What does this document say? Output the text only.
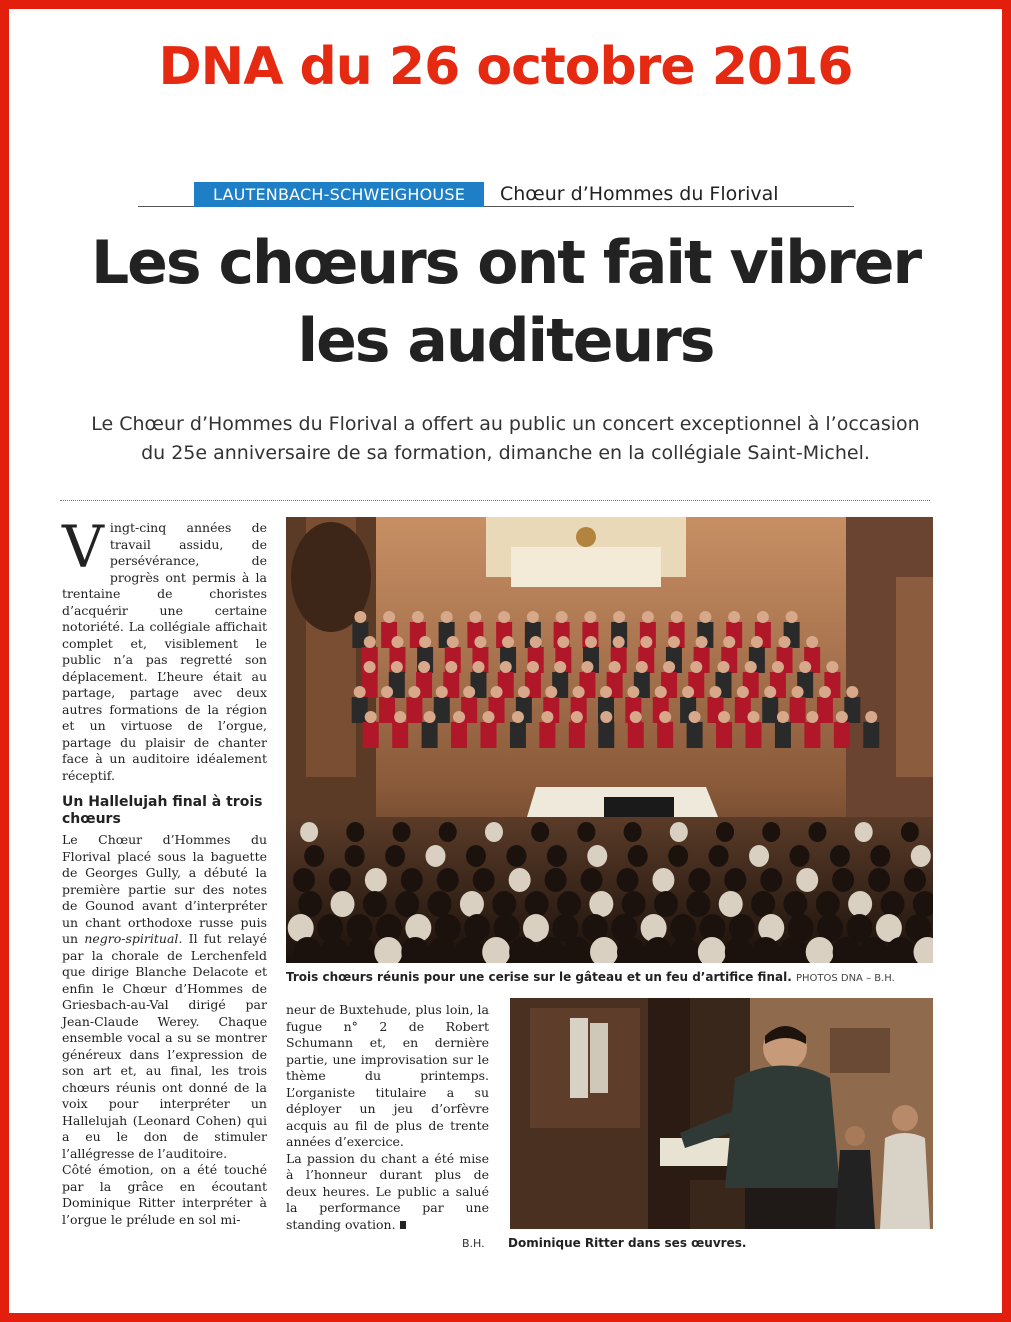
DNA du 26 octobre 2016
LAUTENBACH-SCHWEIGHOUSE	Chœur d’Hommes du Florival
Les chœurs ont fait vibrer
les auditeurs
Le Chœur d’Hommes du Florival a offert au public un concert exceptionnel à l’occasion du 25e anniversaire de sa formation, dimanche en la collégiale Saint-Michel.

Vingt-cinq années de travail assidu, de persévérance, de progrès ont permis à la trentaine de choristes d’acquérir une certaine notoriété. La collégiale affichait complet et, visiblement le public n’a pas regretté son déplacement. L’heure était au partage, partage avec deux autres formations de la région et un virtuose de l’orgue, partage du plaisir de chanter face à un auditoire idéalement réceptif.

Un Hallelujah final à trois chœurs

Le Chœur d’Hommes du Florival placé sous la baguette de Georges Gully, a débuté la première partie sur des notes de Gounod avant d’interpréter un chant orthodoxe russe puis un negro-spiritual. Il fut relayé par la chorale de Lerchenfeld que dirige Blanche Delacote et enfin le Chœur d’Hommes de Griesbach-au-Val dirigé par Jean-Claude Werey. Chaque ensemble vocal a su se montrer généreux dans l’expression de son art et, au final, les trois chœurs réunis ont donné de la voix pour interpréter un Hallelujah (Leonard Cohen) qui a eu le don de stimuler l’allégresse de l’auditoire.

Côté émotion, on a été touché par la grâce en écoutant Dominique Ritter interpréter à l’orgue le prélude en sol mi-

neur de Buxtehude, plus loin, la fugue n° 2 de Robert Schumann et, en dernière partie, une improvisation sur le thème du printemps. L’organiste titulaire a su déployer un jeu d’orfèvre acquis au fil de plus de trente années d’exercice.

La passion du chant a été mise à l’honneur durant plus de deux heures. Le public a salué la performance par une standing ovation.

B.H.
Trois chœurs réunis pour une cerise sur le gâteau et un feu d’artifice final. PHOTOS DNA – B.H.
Dominique Ritter dans ses œuvres.
